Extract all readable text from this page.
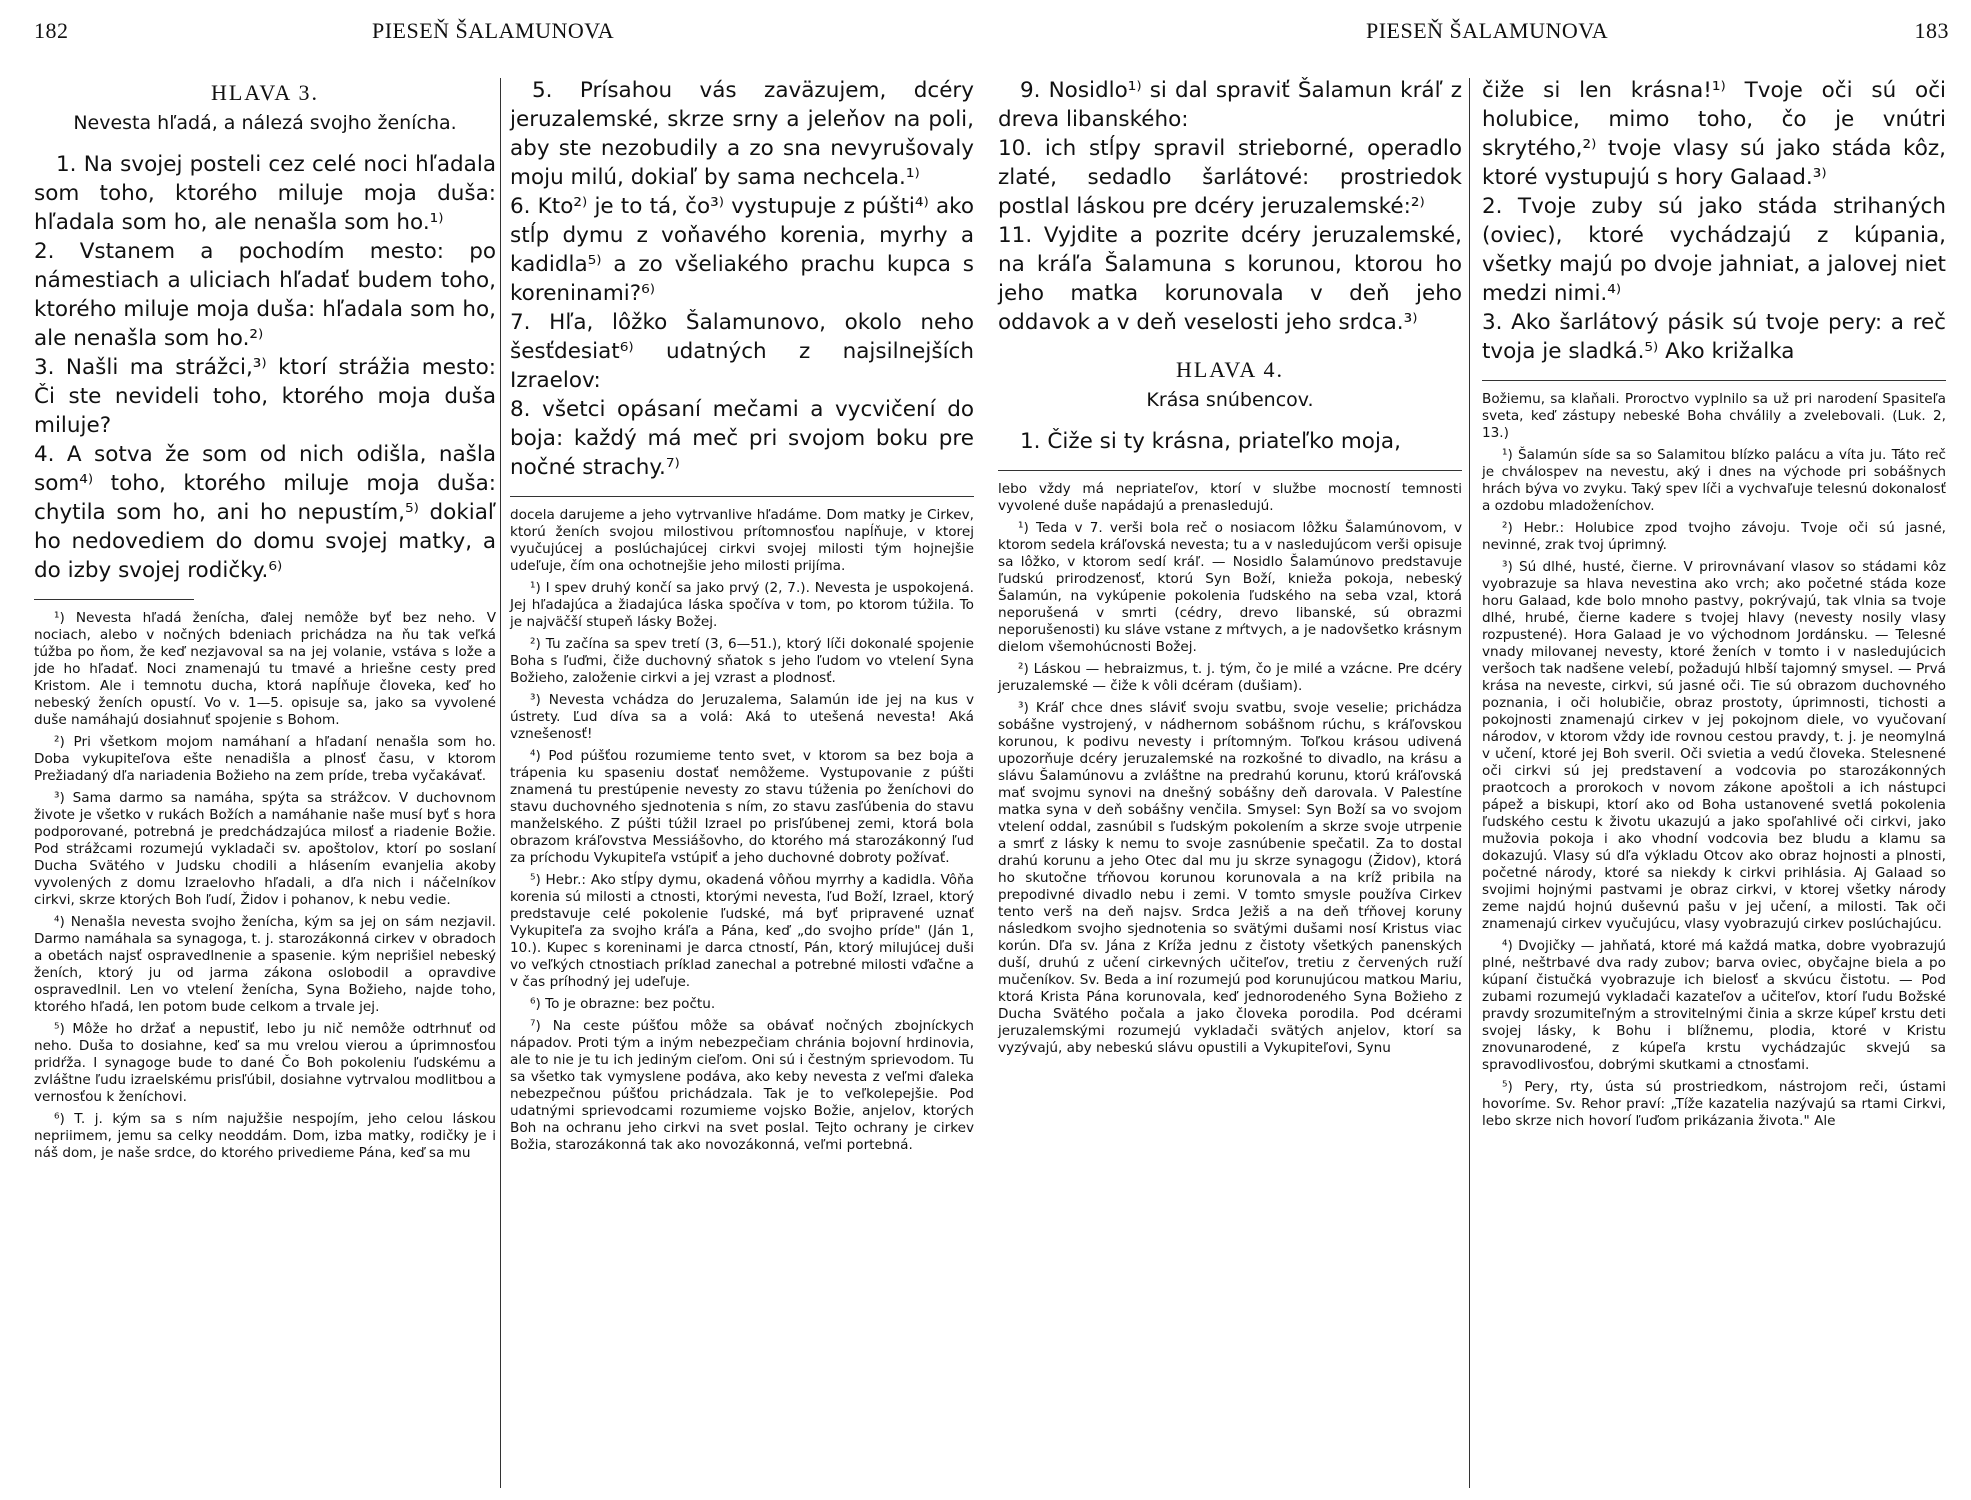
182	PIESEŇ ŠALAMUNOVA
HLAVA 3.
Nevesta hľadá, a nálezá svojho ženícha.

1. Na svojej posteli cez celé noci hľadala som toho, ktorého miluje moja duša: hľadala som ho, ale nenašla som ho.¹⁾

2. Vstanem a pochodím mesto: po námestiach a uliciach hľadať budem toho, ktorého miluje moja duša: hľadala som ho, ale nenašla som ho.²⁾

3. Našli ma strážci,³⁾ ktorí strážia mesto: Či ste nevideli toho, ktorého moja duša miluje?

4. A sotva že som od nich odišla, našla som⁴⁾ toho, ktorého miluje moja duša: chytila som ho, ani ho nepustím,⁵⁾ dokiaľ ho nedovediem do domu svojej matky, a do izby svojej rodičky.⁶⁾

¹) Nevesta hľadá ženícha, ďalej nemôže byť bez neho. V nociach, alebo v nočných bdeniach prichádza na ňu tak veľká túžba po ňom, že keď nezjavoval sa na jej volanie, vstáva s lože a jde ho hľadať. Noci znamenajú tu tmavé a hriešne cesty pred Kristom. Ale i temnotu ducha, ktorá napĺňuje človeka, keď ho nebeský ženích opustí. Vo v. 1—5. opisuje sa, jako sa vyvolené duše namáhajú dosiahnuť spojenie s Bohom.

²) Pri všetkom mojom namáhaní a hľadaní nenašla som ho. Doba vykupiteľova ešte nenadišla a plnosť času, v ktorom Prežiadaný dľa nariadenia Božieho na zem príde, treba vyčakávať.

³) Sama darmo sa namáha, spýta sa strážcov. V duchovnom živote je všetko v rukách Božích a namáhanie naše musí byť s hora podporované, potrebná je predchádzajúca milosť a riadenie Božie. Pod strážcami rozumejú vykladači sv. apoštolov, ktorí po soslaní Ducha Svätého v Judsku chodili a hlásením evanjelia akoby vyvolených z domu Izraelovho hľadali, a dľa nich i náčelníkov cirkvi, skrze ktorých Boh ľudí, Židov i pohanov, k nebu vedie.

⁴) Nenašla nevesta svojho ženícha, kým sa jej on sám nezjavil. Darmo namáhala sa synagoga, t. j. starozákonná cirkev v obradoch a obetách najsť ospravedlnenie a spasenie. kým neprišiel nebeský ženích, ktorý ju od jarma zákona oslobodil a opravdive ospravedlnil. Len vo vtelení ženícha, Syna Božieho, najde toho, ktorého hľadá, len potom bude celkom a trvale jej.

⁵) Môže ho držať a nepustiť, lebo ju nič nemôže odtrhnuť od neho. Duša to dosiahne, keď sa mu vrelou vierou a úprimnosťou pridŕža. I synagoge bude to dané Čo Boh pokoleniu ľudskému a zvláštne ľudu izraelskému prisľúbil, dosiahne vytrvalou modlitbou a vernosťou k ženíchovi.

⁶) T. j. kým sa s ním najužšie nespojím, jeho celou láskou nepriimem, jemu sa celky neoddám. Dom, izba matky, rodičky je i náš dom, je naše srdce, do ktorého privedieme Pána, keď sa mu

5. Prísahou vás zaväzujem, dcéry jeruzalemské, skrze srny a jeleňov na poli, aby ste nezobudily a zo sna nevyrušovaly moju milú, dokiaľ by sama nechcela.¹⁾

6. Kto²⁾ je to tá, čo³⁾ vystupuje z púšti⁴⁾ ako stĺp dymu z voňavého korenia, myrhy a kadidla⁵⁾ a zo všeliakého prachu kupca s koreninami?⁶⁾

7. Hľa, lôžko Šalamunovo, okolo neho šesťdesiat⁶⁾ udatných z najsilnejších Izraelov:

8. všetci opásaní mečami a vycvičení do boja: každý má meč pri svojom boku pre nočné strachy.⁷⁾

docela darujeme a jeho vytrvanlive hľadáme. Dom matky je Cirkev, ktorú ženích svojou milostivou prítomnosťou napĺňuje, v ktorej vyučujúcej a poslúchajúcej cirkvi svojej milosti tým hojnejšie udeľuje, čím ona ochotnejšie jeho milosti prijíma.

¹) I spev druhý končí sa jako prvý (2, 7.). Nevesta je uspokojená. Jej hľadajúca a žiadajúca láska spočíva v tom, po ktorom túžila. To je najväčší stupeň lásky Božej.

²) Tu začína sa spev tretí (3, 6—51.), ktorý líči dokonalé spojenie Boha s ľuďmi, čiže duchovný sňatok s jeho ľudom vo vtelení Syna Božieho, založenie cirkvi a jej vzrast a plodnosť.

³) Nevesta vchádza do Jeruzalema, Salamún ide jej na kus v ústrety. Ľud díva sa a volá: Aká to utešená nevesta! Aká vznešenosť!

⁴) Pod púšťou rozumieme tento svet, v ktorom sa bez boja a trápenia ku spaseniu dostať nemôžeme. Vystupovanie z púšti znamená tu prestúpenie nevesty zo stavu túženia po ženíchovi do stavu duchovného sjednotenia s ním, zo stavu zasľúbenia do stavu manželského. Z púšti túžil Izrael po prisľúbenej zemi, ktorá bola obrazom kráľovstva Messiášovho, do ktorého má starozákonný ľud za príchodu Vykupiteľa vstúpiť a jeho duchovné dobroty požívať.

⁵) Hebr.: Ako stĺpy dymu, okadená vôňou myrrhy a kadidla. Vôňa korenia sú milosti a ctnosti, ktorými nevesta, ľud Boží, Izrael, ktorý predstavuje celé pokolenie ľudské, má byť pripravené uznať Vykupiteľa za svojho kráľa a Pána, keď „do svojho príde" (Ján 1, 10.). Kupec s koreninami je darca ctností, Pán, ktorý milujúcej duši vo veľkých ctnostiach príklad zanechal a potrebné milosti vďačne a v čas príhodný jej udeľuje.

⁶) To je obrazne: bez počtu.

⁷) Na ceste púšťou môže sa obávať nočných zbojníckych nápadov. Proti tým a iným nebezpečiam chránia bojovní hrdinovia, ale to nie je tu ich jediným cieľom. Oni sú i čestným sprievodom. Tu sa všetko tak vymyslene podáva, ako keby nevesta z veľmi ďaleka nebezpečnou púšťou prichádzala. Tak je to veľkolepejšie. Pod udatnými sprievodcami rozumieme vojsko Božie, anjelov, ktorých Boh na ochranu jeho cirkvi na svet poslal. Tejto ochrany je cirkev Božia, starozákonná tak ako novozákonná, veľmi portebná.

PIESEŇ ŠALAMUNOVA	183

9. Nosidlo¹⁾ si dal spraviť Šalamun kráľ z dreva libanského:

10. ich stĺpy spravil strieborné, operadlo zlaté, sedadlo šarlátové: prostriedok postlal láskou pre dcéry jeruzalemské:²⁾

11. Vyjdite a pozrite dcéry jeruzalemské, na kráľa Šalamuna s korunou, ktorou ho jeho matka korunovala v deň jeho oddavok a v deň veselosti jeho srdca.³⁾

HLAVA 4.
Krása snúbencov.

1. Čiže si ty krásna, priateľko moja,

lebo vždy má nepriateľov, ktorí v službe mocností temnosti vyvolené duše napádajú a prenasledujú.

¹) Teda v 7. verši bola reč o nosiacom lôžku Šalamúnovom, v ktorom sedela kráľovská nevesta; tu a v nasledujúcom verši opisuje sa lôžko, v ktorom sedí kráľ. — Nosidlo Šalamúnovo predstavuje ľudskú prirodzenosť, ktorú Syn Boží, knieža pokoja, nebeský Šalamún, na vykúpenie pokolenia ľudského na seba vzal, ktorá neporušená v smrti (cédry, drevo libanské, sú obrazmi neporušenosti) ku sláve vstane z mŕtvych, a je nadovšetko krásnym dielom všemohúcnosti Božej.

²) Láskou — hebraizmus, t. j. tým, čo je milé a vzácne. Pre dcéry jeruzalemské — čiže k vôli dcéram (dušiam).

³) Kráľ chce dnes sláviť svoju svatbu, svoje veselie; prichádza sobášne vystrojený, v nádhernom sobášnom rúchu, s kráľovskou korunou, k podivu nevesty i prítomným. Toľkou krásou udivená upozorňuje dcéry jeruzalemské na rozkošné to divadlo, na krásu a slávu Šalamúnovu a zvláštne na predrahú korunu, ktorú kráľovská mať svojmu synovi na dnešný sobášny deň darovala. V Palestíne matka syna v deň sobášny venčila. Smysel: Syn Boží sa vo svojom vtelení oddal, zasnúbil s ľudským pokolením a skrze svoje utrpenie a smrť z lásky k nemu to svoje zasnúbenie spečatil. Za to dostal drahú korunu a jeho Otec dal mu ju skrze synagogu (Židov), ktorá ho skutočne tŕňovou korunou korunovala a na kríž pribila na prepodivné divadlo nebu i zemi. V tomto smysle používa Cirkev tento verš na deň najsv. Srdca Ježiš a na deň tŕňovej koruny následkom svojho sjednotenia so svätými dušami nosí Kristus viac korún. Dľa sv. Jána z Kríža jednu z čistoty všetkých panenských duší, druhú z učení cirkevných učiteľov, tretiu z červených ruží mučeníkov. Sv. Beda a iní rozumejú pod korunujúcou matkou Mariu, ktorá Krista Pána korunovala, keď jednorodeného Syna Božieho z Ducha Svätého počala a jako človeka porodila. Pod dcérami jeruzalemskými rozumejú vykladači svätých anjelov, ktorí sa vyzývajú, aby nebeskú slávu opustili a Vykupiteľovi, Synu

čiže si len krásna!¹⁾ Tvoje oči sú oči holubice, mimo toho, čo je vnútri skrytého,²⁾ tvoje vlasy sú jako stáda kôz, ktoré vystupujú s hory Galaad.³⁾

2. Tvoje zuby sú jako stáda strihaných (oviec), ktoré vychádzajú z kúpania, všetky majú po dvoje jahniat, a jalovej niet medzi nimi.⁴⁾

3. Ako šarlátový pásik sú tvoje pery: a reč tvoja je sladká.⁵⁾ Ako križalka

Božiemu, sa klaňali. Proroctvo vyplnilo sa už pri narodení Spasiteľa sveta, keď zástupy nebeské Boha chválily a zvelebovali. (Luk. 2, 13.)

¹) Šalamún síde sa so Salamitou blízko palácu a víta ju. Táto reč je chválospev na nevestu, aký i dnes na východe pri sobášnych hrách býva vo zvyku. Taký spev líči a vychvaľuje telesnú dokonalosť a ozdobu mladoženíchov.

²) Hebr.: Holubice zpod tvojho závoju. Tvoje oči sú jasné, nevinné, zrak tvoj úprimný.

³) Sú dlhé, husté, čierne. V prirovnávaní vlasov so stádami kôz vyobrazuje sa hlava nevestina ako vrch; ako početné stáda koze horu Galaad, kde bolo mnoho pastvy, pokrývajú, tak vlnia sa tvoje dlhé, hrubé, čierne kadere s tvojej hlavy (nevesty nosily vlasy rozpustené). Hora Galaad je vo východnom Jordánsku. — Telesné vnady milovanej nevesty, ktoré ženích v tomto i v nasledujúcich veršoch tak nadšene velebí, požadujú hlbší tajomný smysel. — Prvá krása na neveste, cirkvi, sú jasné oči. Tie sú obrazom duchovného poznania, i oči holubičie, obraz prostoty, úprimnosti, tichosti a pokojnosti znamenajú cirkev v jej pokojnom diele, vo vyučovaní národov, v ktorom vždy ide rovnou cestou pravdy, t. j. je neomylná v učení, ktoré jej Boh sveril. Oči svietia a vedú človeka. Stelesnené oči cirkvi sú jej predstavení a vodcovia po starozákonných praotcoch a prorokoch v novom zákone apoštoli a ich nástupci pápež a biskupi, ktorí ako od Boha ustanovené svetlá pokolenia ľudského cestu k životu ukazujú a jako spoľahlivé oči cirkvi, jako mužovia pokoja i ako vhodní vodcovia bez bludu a klamu sa dokazujú. Vlasy sú dľa výkladu Otcov ako obraz hojnosti a plnosti, početné národy, ktoré sa niekdy k cirkvi prihlásia. Aj Galaad so svojimi hojnými pastvami je obraz cirkvi, v ktorej všetky národy zeme najdú hojnú duševnú pašu v jej učení, a milosti. Tak oči znamenajú cirkev vyučujúcu, vlasy vyobrazujú cirkev poslúchajúcu.

⁴) Dvojičky — jahňatá, ktoré má každá matka, dobre vyobrazujú plné, neštrbavé dva rady zubov; barva oviec, obyčajne biela a po kúpaní čistučká vyobrazuje ich bielosť a skvúcu čistotu. — Pod zubami rozumejú vykladači kazateľov a učiteľov, ktorí ľudu Božské pravdy srozumiteľným a strovitelnými činia a skrze kúpeľ krstu deti svojej lásky, k Bohu i blížnemu, plodia, ktoré v Kristu znovunarodené, z kúpeľa krstu vychádzajúc skvejú sa spravodlivosťou, dobrými skutkami a ctnosťami.

⁵) Pery, rty, ústa sú prostriedkom, nástrojom reči, ústami hovoríme. Sv. Rehor praví: „Tíže kazatelia nazývajú sa rtami Cirkvi, lebo skrze nich hovorí ľuďom prikázania života." Ale
